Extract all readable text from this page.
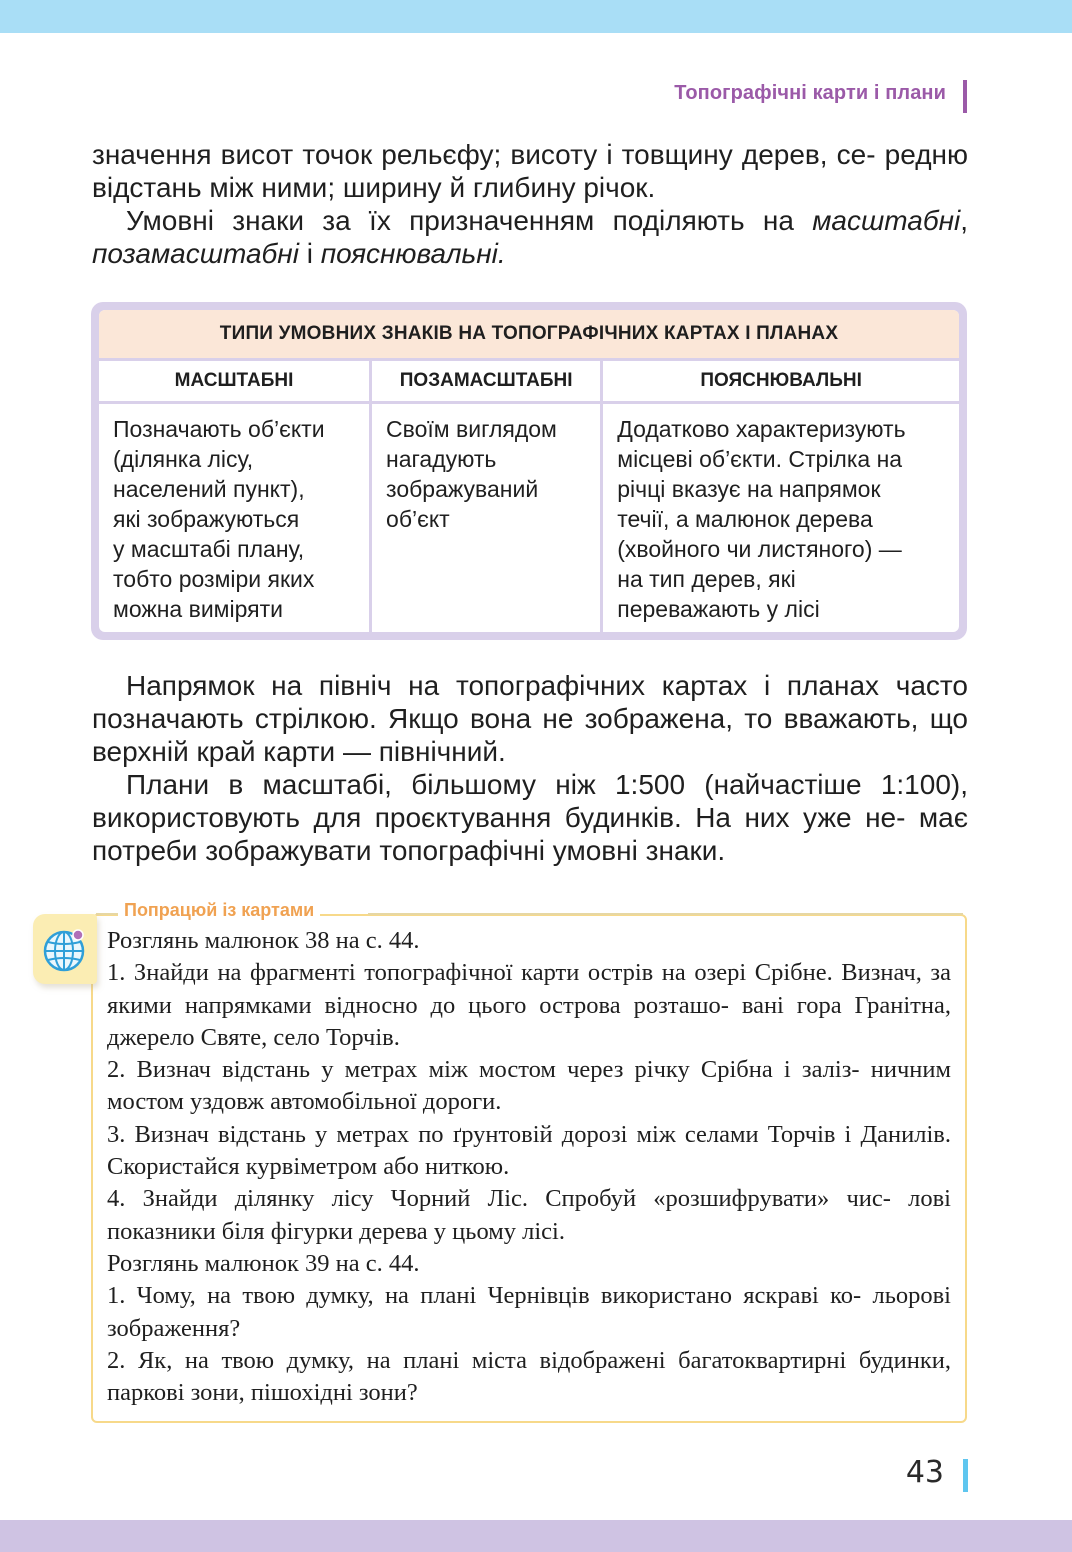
Топографічні карти і плани

значення висот точок рельєфу; висоту і товщину дерев, се- редню відстань між ними; ширину й глибину річок.

Умовні знаки за їх призначенням поділяють на масштабні, позамасштабні і пояснювальні.

ТИПИ УМОВНИХ ЗНАКІВ НА ТОПОГРАФІЧНИХ КАРТАХ І ПЛАНАХ
МАСШТАБНІ
Позначають об’єкти
(ділянка лісу,
населений пункт),
які зображуються
у масштабі плану,
тобто розміри яких
можна виміряти
ПОЗАМАСШТАБНІ
Своїм виглядом
нагадують
зображуваний
об’єкт
ПОЯСНЮВАЛЬНІ
Додатково характеризують
місцеві об’єкти. Стрілка на
річці вказує на напрямок
течії, а малюнок дерева
(хвойного чи листяного) —
на тип дерев, які
переважають у лісі

Напрямок на північ на топографічних картах і планах часто позначають стрілкою. Якщо вона не зображена, то вважають, що верхній край карти — північний.

Плани в масштабі, більшому ніж 1:500 (найчастіше 1:100), використовують для проєктування будинків. На них уже не- має потреби зображувати топографічні умовні знаки.

Попрацюй із картами

Розглянь малюнок 38 на с. 44.

1. Знайди на фрагменті топографічної карти острів на озері Срібне. Визнач, за якими напрямками відносно до цього острова розташо- вані гора Гранітна, джерело Святе, село Торчів.

2. Визнач відстань у метрах між мостом через річку Срібна і заліз- ничним мостом уздовж автомобільної дороги.

3. Визнач відстань у метрах по ґрунтовій дорозі між селами Торчів і Данилів. Скористайся курвіметром або ниткою.

4. Знайди ділянку лісу Чорний Ліс. Спробуй «розшифрувати» чис- лові показники біля фігурки дерева у цьому лісі.

Розглянь малюнок 39 на с. 44.

1. Чому, на твою думку, на плані Чернівців використано яскраві ко- льорові зображення?

2. Як, на твою думку, на плані міста відображені багатоквартирні будинки, паркові зони, пішохідні зони?

43
